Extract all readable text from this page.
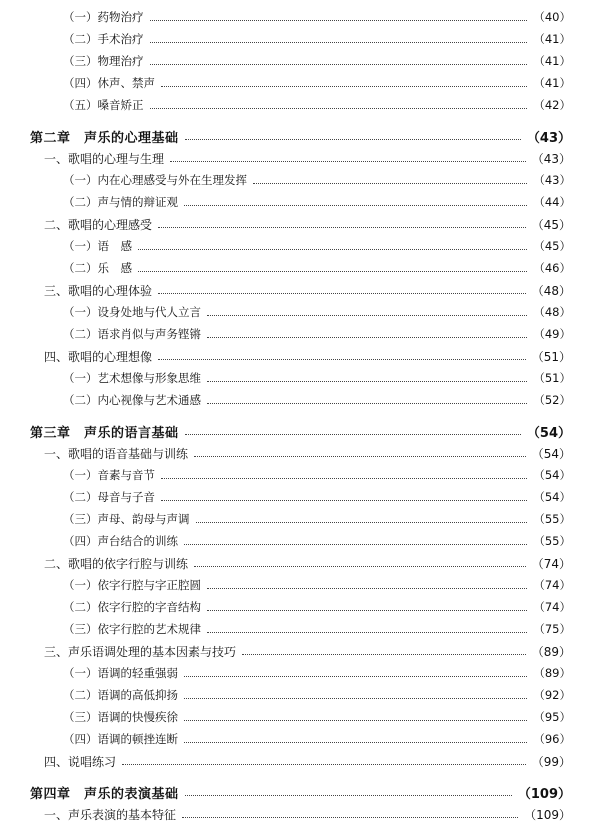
（一）药物治疗	（40）
（二）手术治疗	（41）
（三）物理治疗	（41）
（四）休声、禁声	（41）
（五）嗓音矫正	（42）
第二章　声乐的心理基础	（43）
一、歌唱的心理与生理	（43）
（一）内在心理感受与外在生理发挥	（43）
（二）声与情的辩证观	（44）
二、歌唱的心理感受	（45）
（一）语　感	（45）
（二）乐　感	（46）
三、歌唱的心理体验	（48）
（一）设身处地与代人立言	（48）
（二）语求肖似与声务铿锵	（49）
四、歌唱的心理想像	（51）
（一）艺术想像与形象思维	（51）
（二）内心视像与艺术通感	（52）
第三章　声乐的语言基础	（54）
一、歌唱的语音基础与训练	（54）
（一）音素与音节	（54）
（二）母音与子音	（54）
（三）声母、韵母与声调	（55）
（四）声台结合的训练	（55）
二、歌唱的依字行腔与训练	（74）
（一）依字行腔与字正腔圆	（74）
（二）依字行腔的字音结构	（74）
（三）依字行腔的艺术规律	（75）
三、声乐语调处理的基本因素与技巧	（89）
（一）语调的轻重强弱	（89）
（二）语调的高低抑扬	（92）
（三）语调的快慢疾徐	（95）
（四）语调的顿挫连断	（96）
四、说唱练习	（99）
第四章　声乐的表演基础	（109）
一、声乐表演的基本特征	（109）
